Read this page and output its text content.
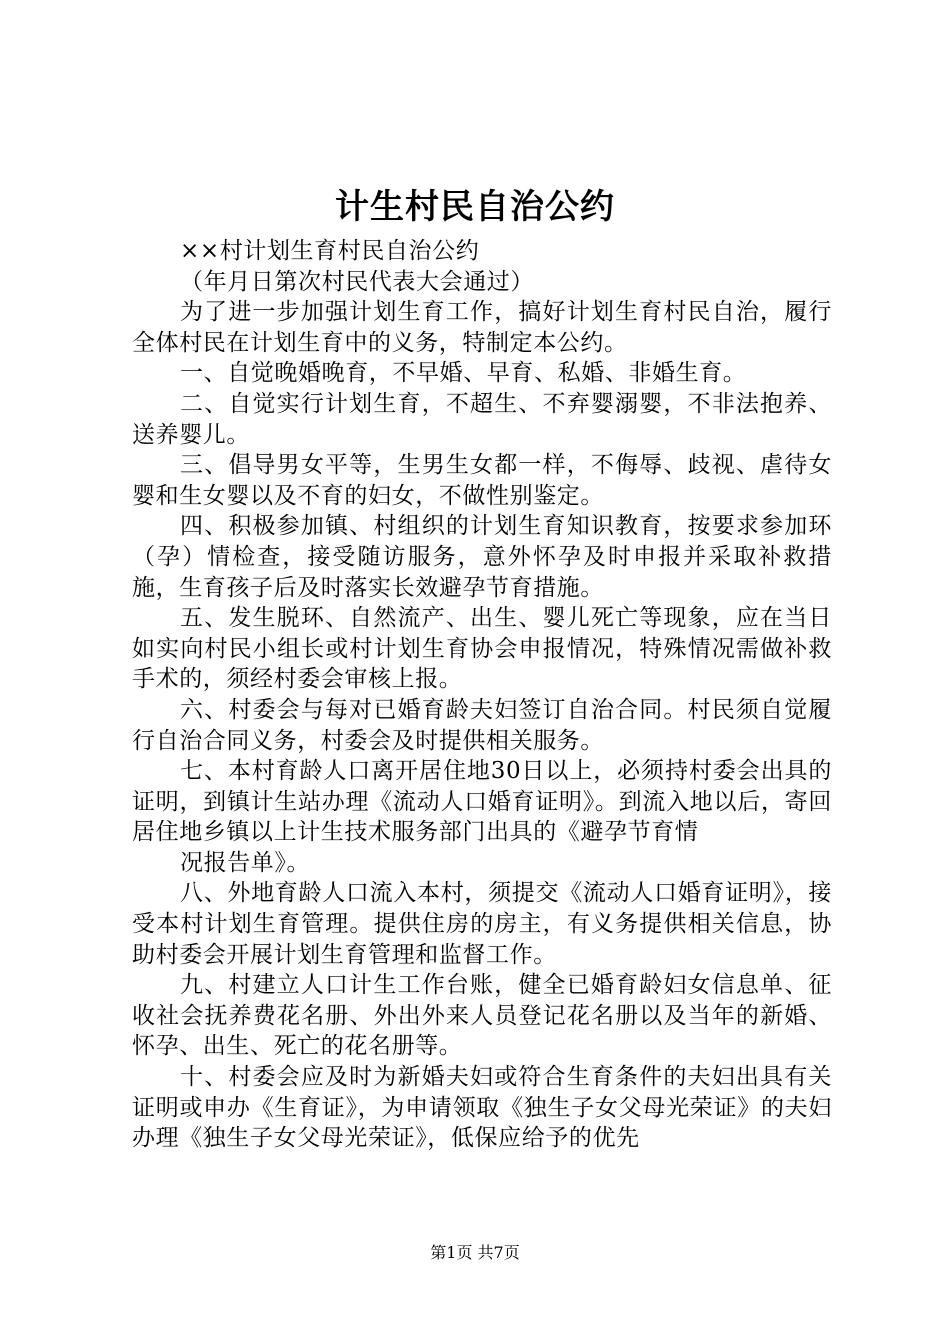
计生村民自治公约

××村计划生育村民自治公约

（年月日第次村民代表大会通过）

为了进一步加强计划生育工作，搞好计划生育村民自治，履行全体村民在计划生育中的义务，特制定本公约。

一、自觉晚婚晚育，不早婚、早育、私婚、非婚生育。

二、自觉实行计划生育，不超生、不弃婴溺婴，不非法抱养、送养婴儿。

三、倡导男女平等，生男生女都一样，不侮辱、歧视、虐待女婴和生女婴以及不育的妇女，不做性别鉴定。

四、积极参加镇、村组织的计划生育知识教育，按要求参加环（孕）情检查，接受随访服务，意外怀孕及时申报并采取补救措施，生育孩子后及时落实长效避孕节育措施。

五、发生脱环、自然流产、出生、婴儿死亡等现象，应在当日如实向村民小组长或村计划生育协会申报情况，特殊情况需做补救手术的，须经村委会审核上报。

六、村委会与每对已婚育龄夫妇签订自治合同。村民须自觉履行自治合同义务，村委会及时提供相关服务。

七、本村育龄人口离开居住地30日以上，必须持村委会出具的证明，到镇计生站办理《流动人口婚育证明》。到流入地以后，寄回居住地乡镇以上计生技术服务部门出具的《避孕节育情

况报告单》。

八、外地育龄人口流入本村，须提交《流动人口婚育证明》，接受本村计划生育管理。提供住房的房主，有义务提供相关信息，协助村委会开展计划生育管理和监督工作。

九、村建立人口计生工作台账，健全已婚育龄妇女信息单、征收社会抚养费花名册、外出外来人员登记花名册以及当年的新婚、怀孕、出生、死亡的花名册等。

十、村委会应及时为新婚夫妇或符合生育条件的夫妇出具有关证明或申办《生育证》，为申请领取《独生子女父母光荣证》的夫妇办理《独生子女父母光荣证》，低保应给予的优先

第1页 共7页
